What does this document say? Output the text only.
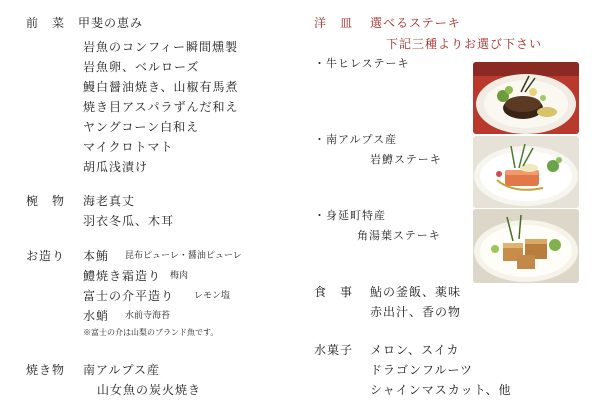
前　菜 甲斐の恵み
岩魚のコンフィー瞬間燻製
岩魚卵、ベルローズ
鰻白醤油焼き、山椒有馬煮
焼き目アスパラずんだ和え
ヤングコーン白和え
マイクロトマト
胡瓜浅漬け
椀　物 海老真丈
羽衣冬瓜、木耳
お造り 本鮪 昆布ピューレ・醤油ピューレ
鱧焼き霜造り 梅肉
富士の介平造り レモン塩
水蛸 水前寺海苔
※富士の介は山梨のブランド魚です。
焼き物 南アルプス産
山女魚の炭火焼き
洋　皿 選べるステーキ
下記三種よりお選び下さい
・牛ヒレステーキ
・南アルプス産
岩鱒ステーキ
・身延町特産
角湯葉ステーキ
食　事 鮎の釜飯、薬味
赤出汁、香の物
水菓子 メロン、スイカ
ドラゴンフルーツ
シャインマスカット、他
